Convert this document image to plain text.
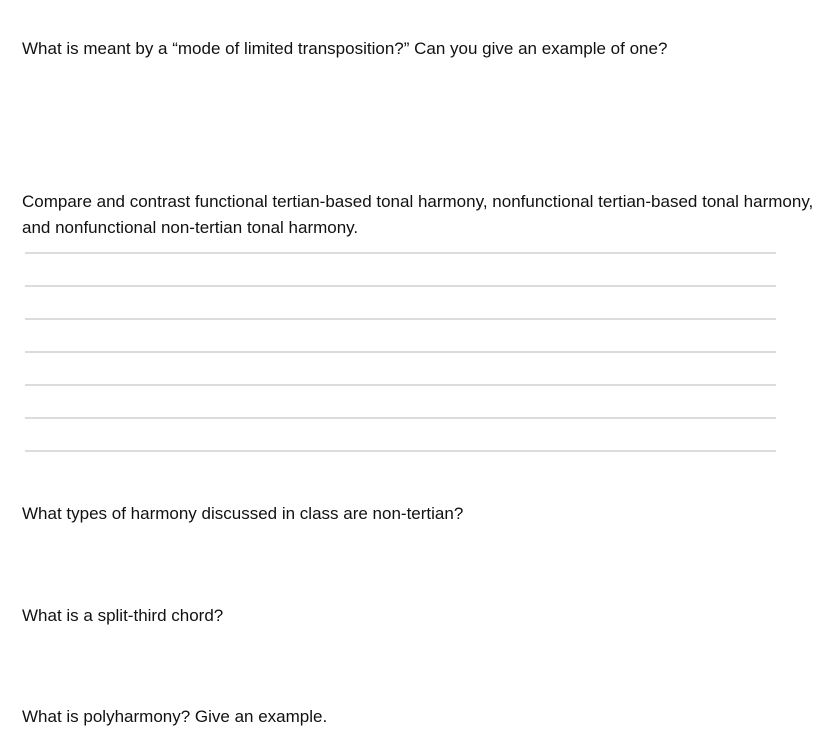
What is meant by a “mode of limited transposition?” Can you give an example of one?

Compare and contrast functional tertian-based tonal harmony, nonfunctional tertian-based tonal harmony, and nonfunctional non-tertian tonal harmony.

What types of harmony discussed in class are non-tertian?

What is a split-third chord?

What is polyharmony? Give an example.
